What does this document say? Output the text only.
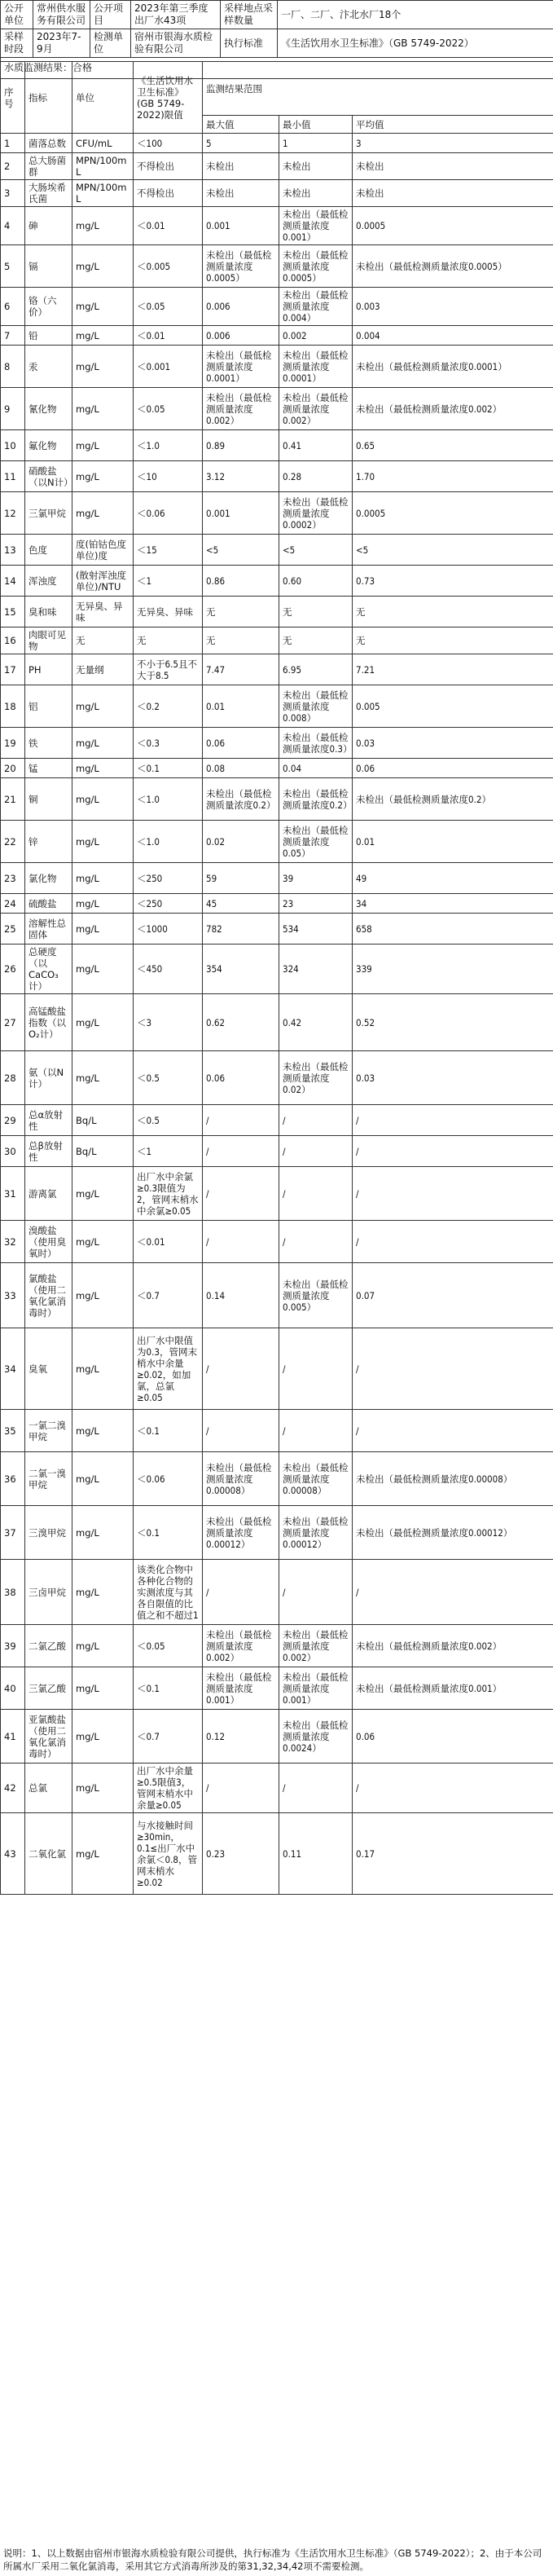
公开单位	常州供水服务有限公司	公开项目	2023年第三季度出厂水43项	采样地点采样数量	一厂、二厂、汴北水厂18个
采样时段	2023年7-9月	检测单位	宿州市银海水质检验有限公司	执行标准	《生活饮用水卫生标准》（GB 5749-2022）
水质监测结果：合格					
序号	指标	单位	《生活饮用水卫生标准》(GB 5749-2022)限值	监测结果范围		
				最大值	最小值	平均值
1	菌落总数	CFU/mL	＜100	5	1	3
2	总大肠菌群	MPN/100mL	不得检出	未检出	未检出	未检出
3	大肠埃希氏菌	MPN/100mL	不得检出	未检出	未检出	未检出
4	砷	mg/L	＜0.01	0.001	未检出（最低检测质量浓度0.001）	0.0005
5	镉	mg/L	＜0.005	未检出（最低检测质量浓度0.0005）	未检出（最低检测质量浓度0.0005）	未检出（最低检测质量浓度0.0005）
6	铬（六价）	mg/L	＜0.05	0.006	未检出（最低检测质量浓度0.004）	0.003
7	铅	mg/L	＜0.01	0.006	0.002	0.004
8	汞	mg/L	＜0.001	未检出（最低检测质量浓度0.0001）	未检出（最低检测质量浓度0.0001）	未检出（最低检测质量浓度0.0001）
9	氰化物	mg/L	＜0.05	未检出（最低检测质量浓度0.002）	未检出（最低检测质量浓度0.002）	未检出（最低检测质量浓度0.002）
10	氟化物	mg/L	＜1.0	0.89	0.41	0.65
11	硝酸盐（以N计）	mg/L	＜10	3.12	0.28	1.70
12	三氯甲烷	mg/L	＜0.06	0.001	未检出（最低检测质量浓度0.0002）	0.0005
13	色度	度(铂钴色度单位)度	＜15	<5	<5	<5
14	浑浊度	(散射浑浊度单位)/NTU	＜1	0.86	0.60	0.73
15	臭和味	无异臭、异味	无异臭、异味	无	无	无
16	肉眼可见物	无	无	无	无	无
17	PH	无量纲	不小于6.5且不大于8.5	7.47	6.95	7.21
18	铝	mg/L	＜0.2	0.01	未检出（最低检测质量浓度0.008）	0.005
19	铁	mg/L	＜0.3	0.06	未检出（最低检测质量浓度0.3）	0.03
20	锰	mg/L	＜0.1	0.08	0.04	0.06
21	铜	mg/L	＜1.0	未检出（最低检测质量浓度0.2）	未检出（最低检测质量浓度0.2）	未检出（最低检测质量浓度0.2）
22	锌	mg/L	＜1.0	0.02	未检出（最低检测质量浓度0.05）	0.01
23	氯化物	mg/L	＜250	59	39	49
24	硫酸盐	mg/L	＜250	45	23	34
25	溶解性总固体	mg/L	＜1000	782	534	658
26	总硬度（以CaCO₃计）	mg/L	＜450	354	324	339
27	高锰酸盐指数（以O₂计）	mg/L	＜3	0.62	0.42	0.52
28	氨（以N计）	mg/L	＜0.5	0.06	未检出（最低检测质量浓度0.02）	0.03
29	总α放射性	Bq/L	＜0.5	/	/	/
30	总β放射性	Bq/L	＜1	/	/	/
31	游离氯	mg/L	出厂水中余氯≥0.3限值为2，管网末梢水中余氯≥0.05	/	/	/
32	溴酸盐（使用臭氧时）	mg/L	＜0.01	/	/	/
33	氯酸盐（使用二氧化氯消毒时）	mg/L	＜0.7	0.14	未检出（最低检测质量浓度0.005）	0.07
34	臭氧	mg/L	出厂水中限值为0.3，管网末梢水中余量≥0.02，如加氯，总氯≥0.05	/	/	/
35	一氯二溴甲烷	mg/L	＜0.1	/	/	/
36	二氯一溴甲烷	mg/L	＜0.06	未检出（最低检测质量浓度0.00008）	未检出（最低检测质量浓度0.00008）	未检出（最低检测质量浓度0.00008）
37	三溴甲烷	mg/L	＜0.1	未检出（最低检测质量浓度0.00012）	未检出（最低检测质量浓度0.00012）	未检出（最低检测质量浓度0.00012）
38	三卤甲烷	mg/L	该类化合物中各种化合物的实测浓度与其各自限值的比值之和不超过1	/	/	/
39	二氯乙酸	mg/L	＜0.05	未检出（最低检测质量浓度0.002）	未检出（最低检测质量浓度0.002）	未检出（最低检测质量浓度0.002）
40	三氯乙酸	mg/L	＜0.1	未检出（最低检测质量浓度0.001）	未检出（最低检测质量浓度0.001）	未检出（最低检测质量浓度0.001）
41	亚氯酸盐（使用二氧化氯消毒时）	mg/L	＜0.7	0.12	未检出（最低检测质量浓度0.0024）	0.06
42	总氯	mg/L	出厂水中余量≥0.5限值3，管网末梢水中余量≥0.05	/	/	/
43	二氧化氯	mg/L	与水接触时间≥30min，0.1≤出厂水中余氯＜0.8，管网末梢水≥0.02	0.23	0.11	0.17
说明：1、以上数据由宿州市银海水质检验有限公司提供，执行标准为《生活饮用水卫生标准》（GB 5749-2022）；2、由于本公司所属水厂采用二氧化氯消毒，采用其它方式消毒所涉及的第31,32,34,42项不需要检测。
